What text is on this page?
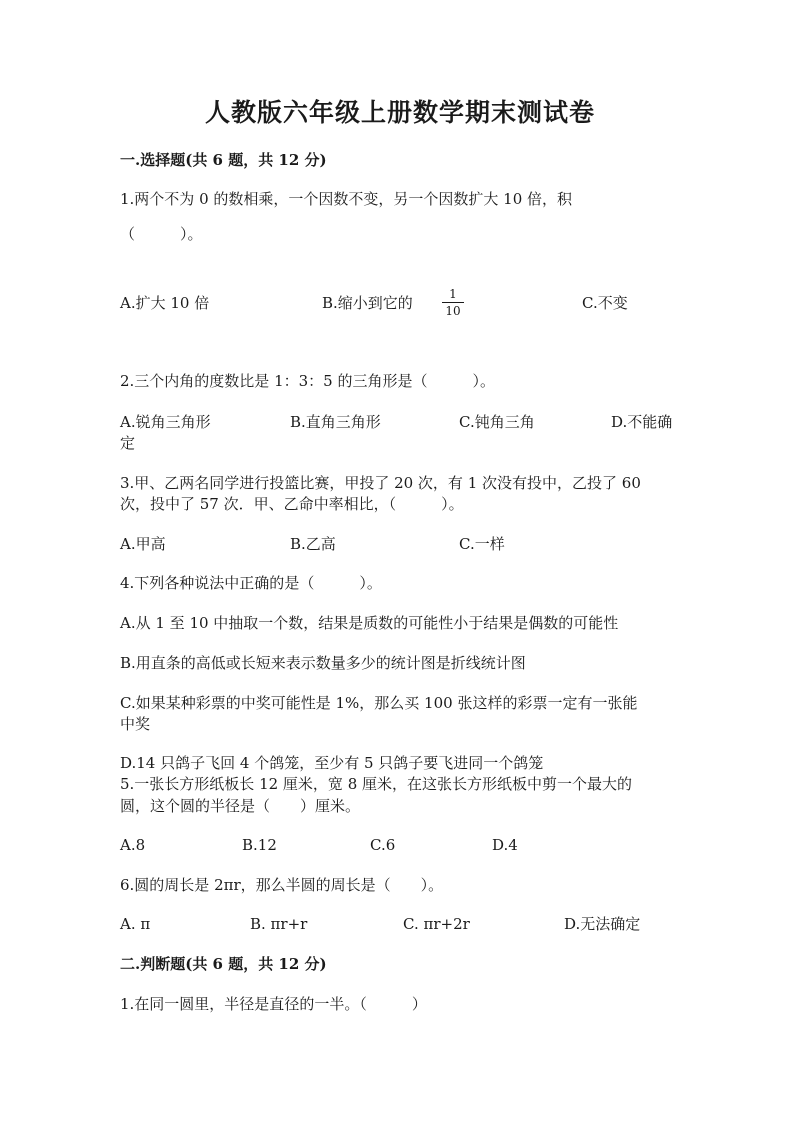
人教版六年级上册数学期末测试卷
一.选择题(共 6 题，共 12 分)
1.两个不为 0 的数相乘，一个因数不变，另一个因数扩大 10 倍，积
（　　　）。
A.扩大 10 倍	B.缩小到它的	1
10	C.不变
2.三个内角的度数比是 1：3：5 的三角形是（　　　）。
A.锐角三角形	B.直角三角形	C.钝角三角	D.不能确
定
3.甲、乙两名同学进行投篮比赛，甲投了 20 次，有 1 次没有投中，乙投了 60
次，投中了 57 次．甲、乙命中率相比，（　　　）。
A.甲高	B.乙高	C.一样
4.下列各种说法中正确的是（　　　）。
A.从 1 至 10 中抽取一个数，结果是质数的可能性小于结果是偶数的可能性
B.用直条的高低或长短来表示数量多少的统计图是折线统计图
C.如果某种彩票的中奖可能性是 1%，那么买 100 张这样的彩票一定有一张能
中奖
D.14 只鸽子飞回 4 个鸽笼，至少有 5 只鸽子要飞进同一个鸽笼
5.一张长方形纸板长 12 厘米，宽 8 厘米，在这张长方形纸板中剪一个最大的
圆，这个圆的半径是（　　）厘米。
A.8	B.12	C.6	D.4
6.圆的周长是 2πr，那么半圆的周长是（　　）。
A. π	B. πr+r	C. πr+2r	D.无法确定
二.判断题(共 6 题，共 12 分)
1.在同一圆里，半径是直径的一半。（　　　）
